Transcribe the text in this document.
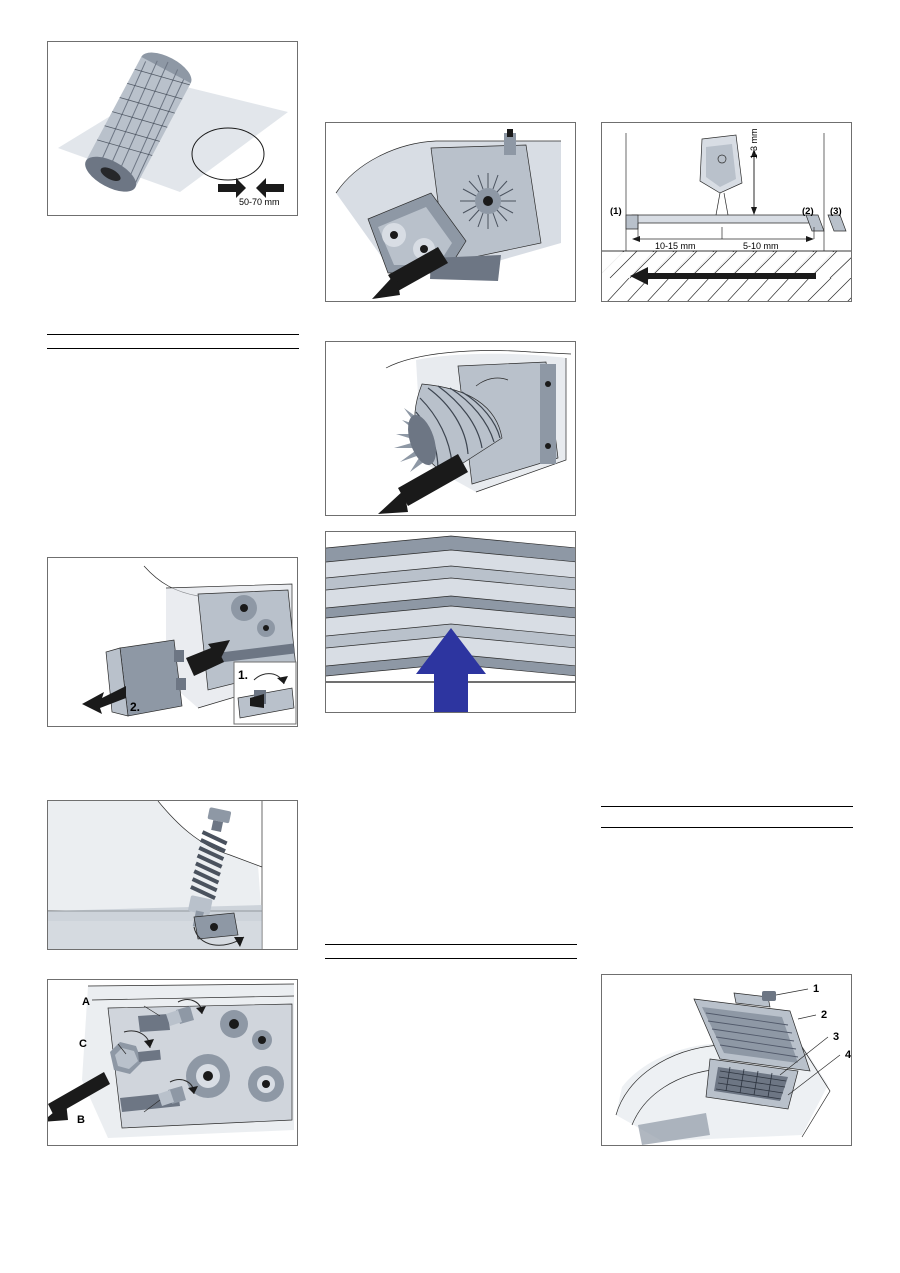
50-70 mm
1-3 mm
(1)	(2) (3)
10-15 mm	5-10 mm
1.
2.
A
C
B
1
2
3
4
